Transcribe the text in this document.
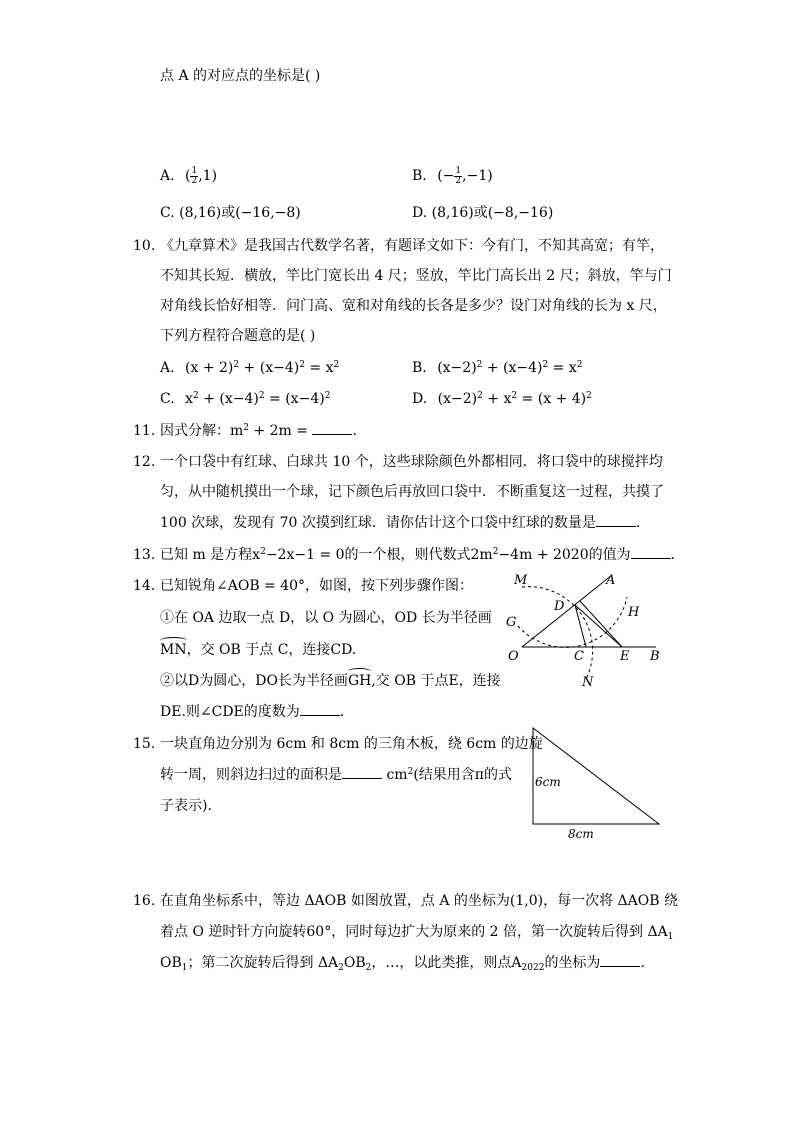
点 A 的对应点的坐标是( )
A. ( $\frac{1}{2} ,1$)	B. (− $\frac{1}{2} ,-1$)
C. (8,16)或(−16,−8)	D. (8,16)或(−8,−16)
10. 《九章算术》是我国古代数学名著，有题译文如下：今有门，不知其高宽；有竿，
不知其长短．横放，竿比门宽长出 4 尺；竖放，竿比门高长出 2 尺；斜放，竿与门
对角线长恰好相等．问门高、宽和对角线的长各是多少？设门对角线的长为 x 尺，
下列方程符合题意的是( )
A. $(x + 2)^2 + (x-4)^2 = x^2$	B. $(x-2)^2 + (x-4)^2 = x^2$
C. $x^2 + (x-4)^2 = (x-4)^2$	D. $(x-2)^2 + x^2 = (x + 4)^2$
11. 因式分解：$m^2 + 2m$ =	.
12. 一个口袋中有红球、白球共 10 个，这些球除颜色外都相同．将口袋中的球搅拌均
匀，从中随机摸出一个球，记下颜色后再放回口袋中．不断重复这一过程，共摸了
100 次球，发现有 70 次摸到红球．请你估计这个口袋中红球的数量是	.
13. 已知 m 是方程$x^2-2x-1 = 0$的一个根，则代数式$2m^2-4m + 2020$的值为	.
14. 已知锐角∠AOB = 40°，如图，按下列步骤作图：
①在 OA 边取一点 D，以 O 为圆心，OD 长为半径画
MN，交 OB 于点 C，连接CD.
②以D为圆心，DO长为半径画GH,交 OB 于点E，连接
DE.则∠CDE的度数为	.
M	A
D	H
G
O	C	E B
N
15. 一块直角边分别为 6cm 和 8cm 的三角木板，绕 6cm 的边旋
转一周，则斜边扫过的面积是	$cm^2$(结果用含π的式
子表示).
6cm
8cm
16. 在直角坐标系中，等边 ΔAOB 如图放置，点 A 的坐标为(1,0)，每一次将 ΔAOB 绕
着点 O 逆时针方向旋转60°，同时每边扩大为原来的 2 倍，第一次旋转后得到 $\Delta A_1$
$OB_1$；第二次旋转后得到 $\Delta A_2OB_2$，…，以此类推，则点$A_{2022}$的坐标为	.
